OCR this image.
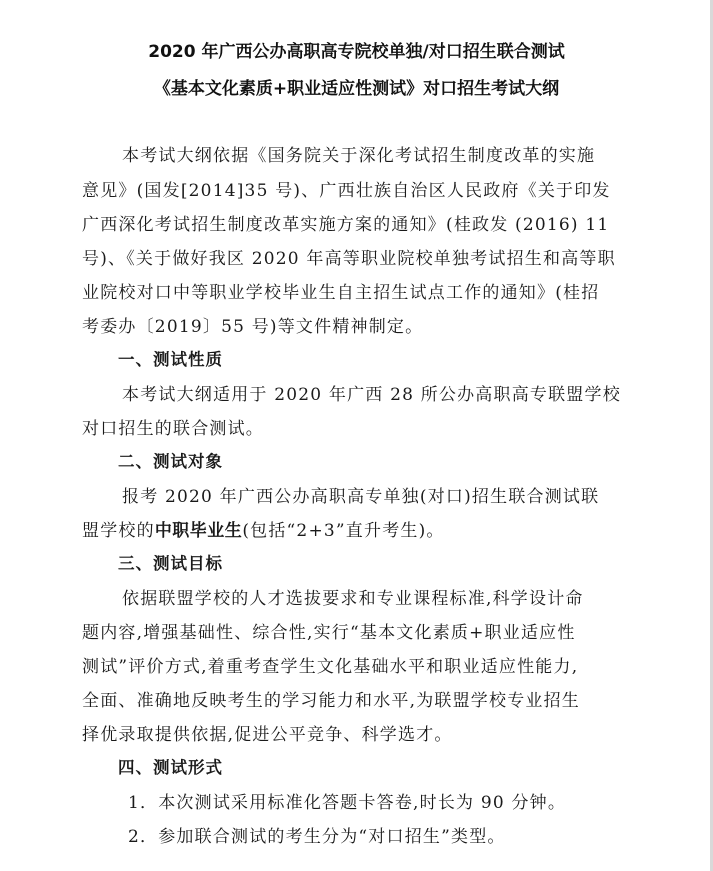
2020 年广西公办高职高专院校单独/对口招生联合测试
《基本文化素质+职业适应性测试》对口招生考试大纲
本考试大纲依据《国务院关于深化考试招生制度改革的实施
意见》(国发[2014]35 号)、广西壮族自治区人民政府《关于印发
广西深化考试招生制度改革实施方案的通知》(桂政发 (2016) 11
号)、《关于做好我区 2020 年高等职业院校单独考试招生和高等职
业院校对口中等职业学校毕业生自主招生试点工作的通知》(桂招
考委办〔2019〕55 号)等文件精神制定。
一、测试性质
本考试大纲适用于 2020 年广西 28 所公办高职高专联盟学校
对口招生的联合测试。
二、测试对象
报考 2020 年广西公办高职高专单独(对口)招生联合测试联
盟学校的中职毕业生(包括“2+3”直升考生)。
三、测试目标
依据联盟学校的人才选拔要求和专业课程标准,科学设计命
题内容,增强基础性、综合性,实行“基本文化素质+职业适应性
测试”评价方式,着重考查学生文化基础水平和职业适应性能力,
全面、准确地反映考生的学习能力和水平,为联盟学校专业招生
择优录取提供依据,促进公平竞争、科学选才。
四、测试形式
1．本次测试采用标准化答题卡答卷,时长为 90 分钟。
2．参加联合测试的考生分为“对口招生”类型。
